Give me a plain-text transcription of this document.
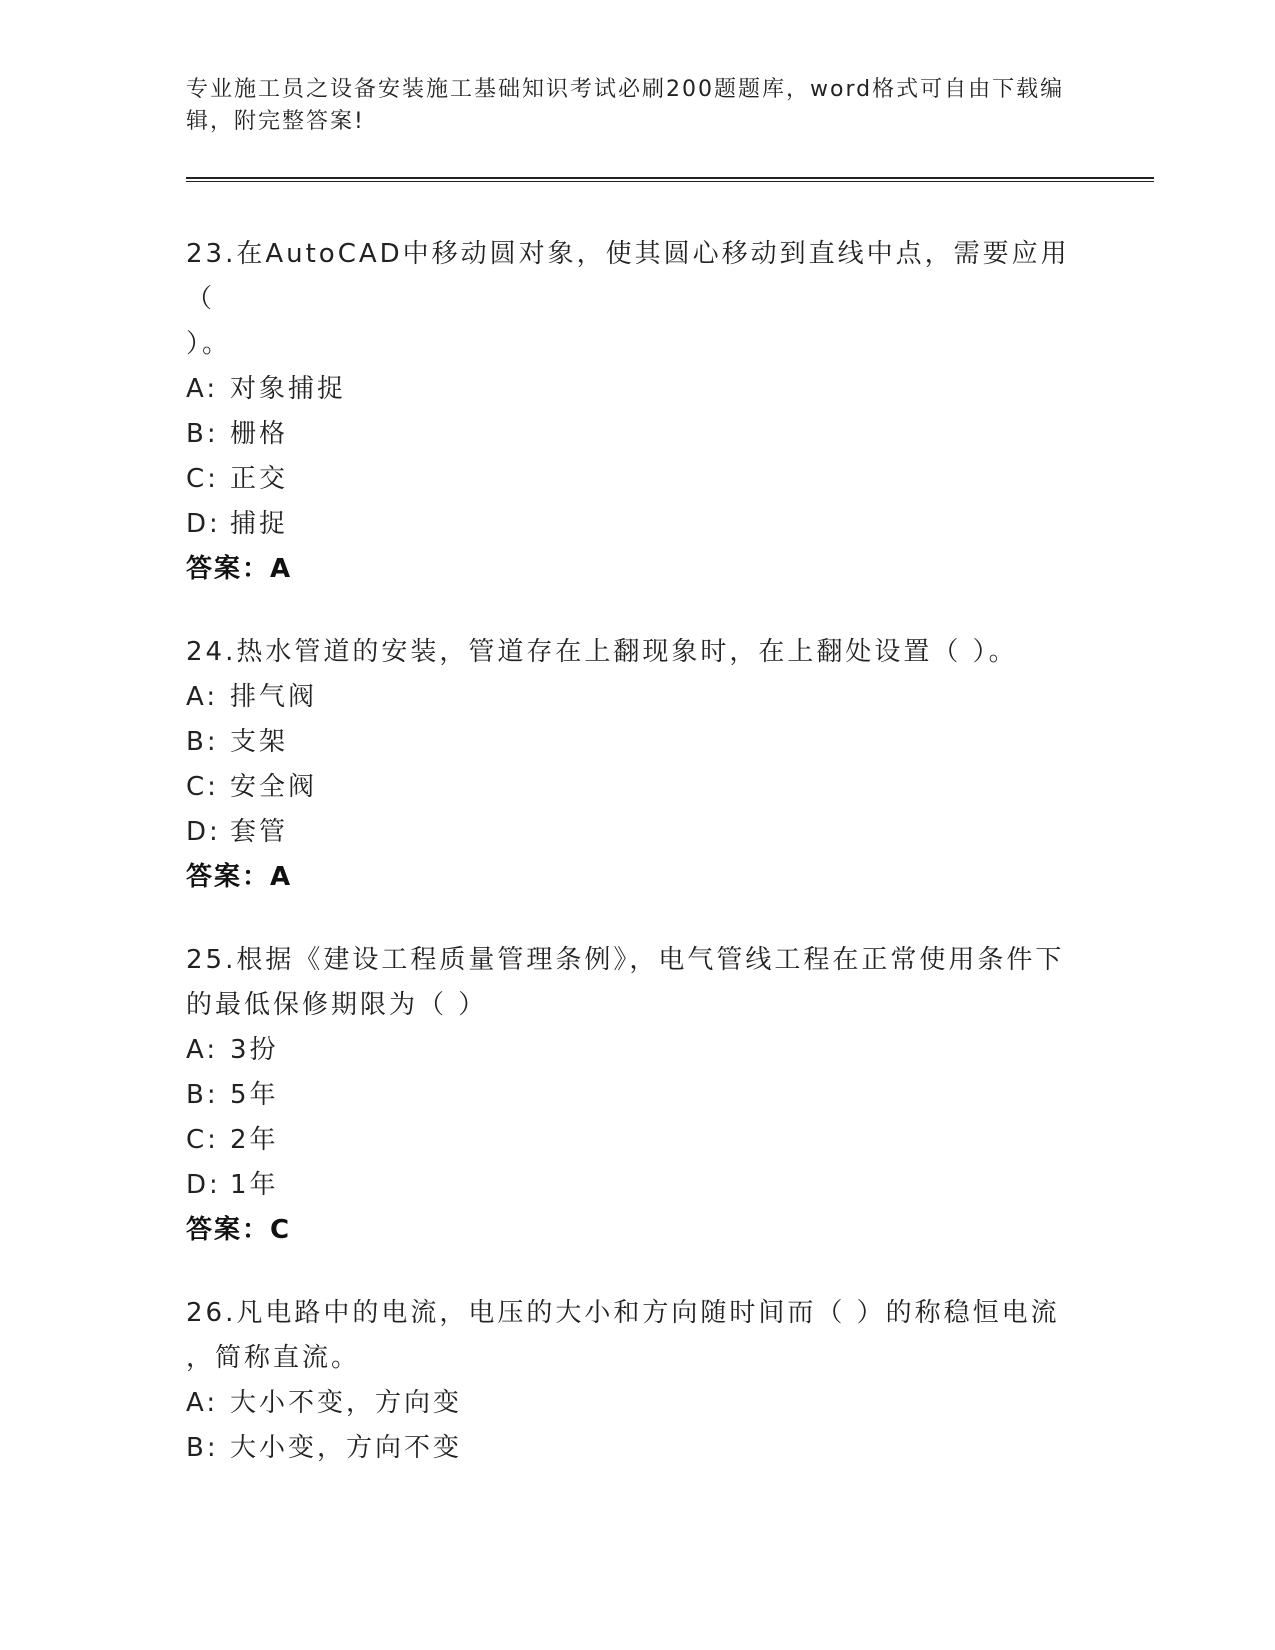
专业施工员之设备安装施工基础知识考试必刷200题题库，word格式可自由下载编辑，附完整答案!
23.在AutoCAD中移动圆对象，使其圆心移动到直线中点，需要应用（
）。
A: 对象捕捉
B: 栅格
C: 正交
D: 捕捉
答案：A
24.热水管道的安装，管道存在上翻现象时，在上翻处设置（ ）。
A: 排气阀
B: 支架
C: 安全阀
D: 套管
答案：A
25.根据《建设工程质量管理条例》，电气管线工程在正常使用条件下
的最低保修期限为（ ）
A: 3扮
B: 5年
C: 2年
D: 1年
答案：C
26.凡电路中的电流，电压的大小和方向随时间而（ ）的称稳恒电流
，简称直流。
A: 大小不变，方向变
B: 大小变，方向不变
